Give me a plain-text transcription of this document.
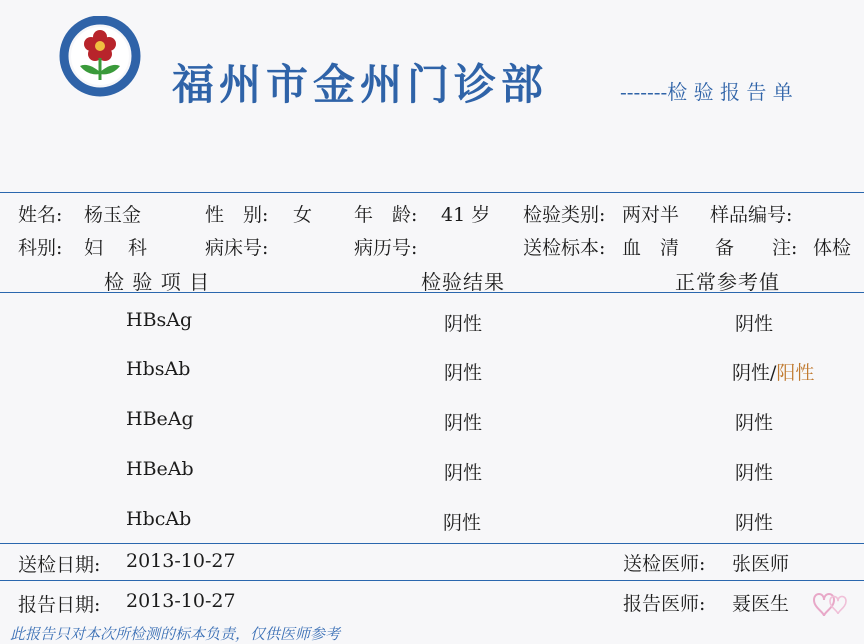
福州市金州门诊部	-------检 验 报 告 单
姓名: 杨玉金	性　别: 女 年　龄: 41 岁 检验类别: 两对半 样品编号:
科别: 妇　 科	病床号:	病历号:	送检标本: 血　清 备　　注: 体检
检 验 项 目	检验结果	正常参考值
HBsAg	阴性	阴性
HbsAb	阴性	阴性/阳性
HBeAg	阴性	阴性
HBeAb	阴性	阴性
HbcAb	阴性	阴性
送检日期: 2013-10-27	送检医师: 张医师
报告日期: 2013-10-27	报告医师: 聂医生
此报告只对本次所检测的标本负责，仅供医师参考
